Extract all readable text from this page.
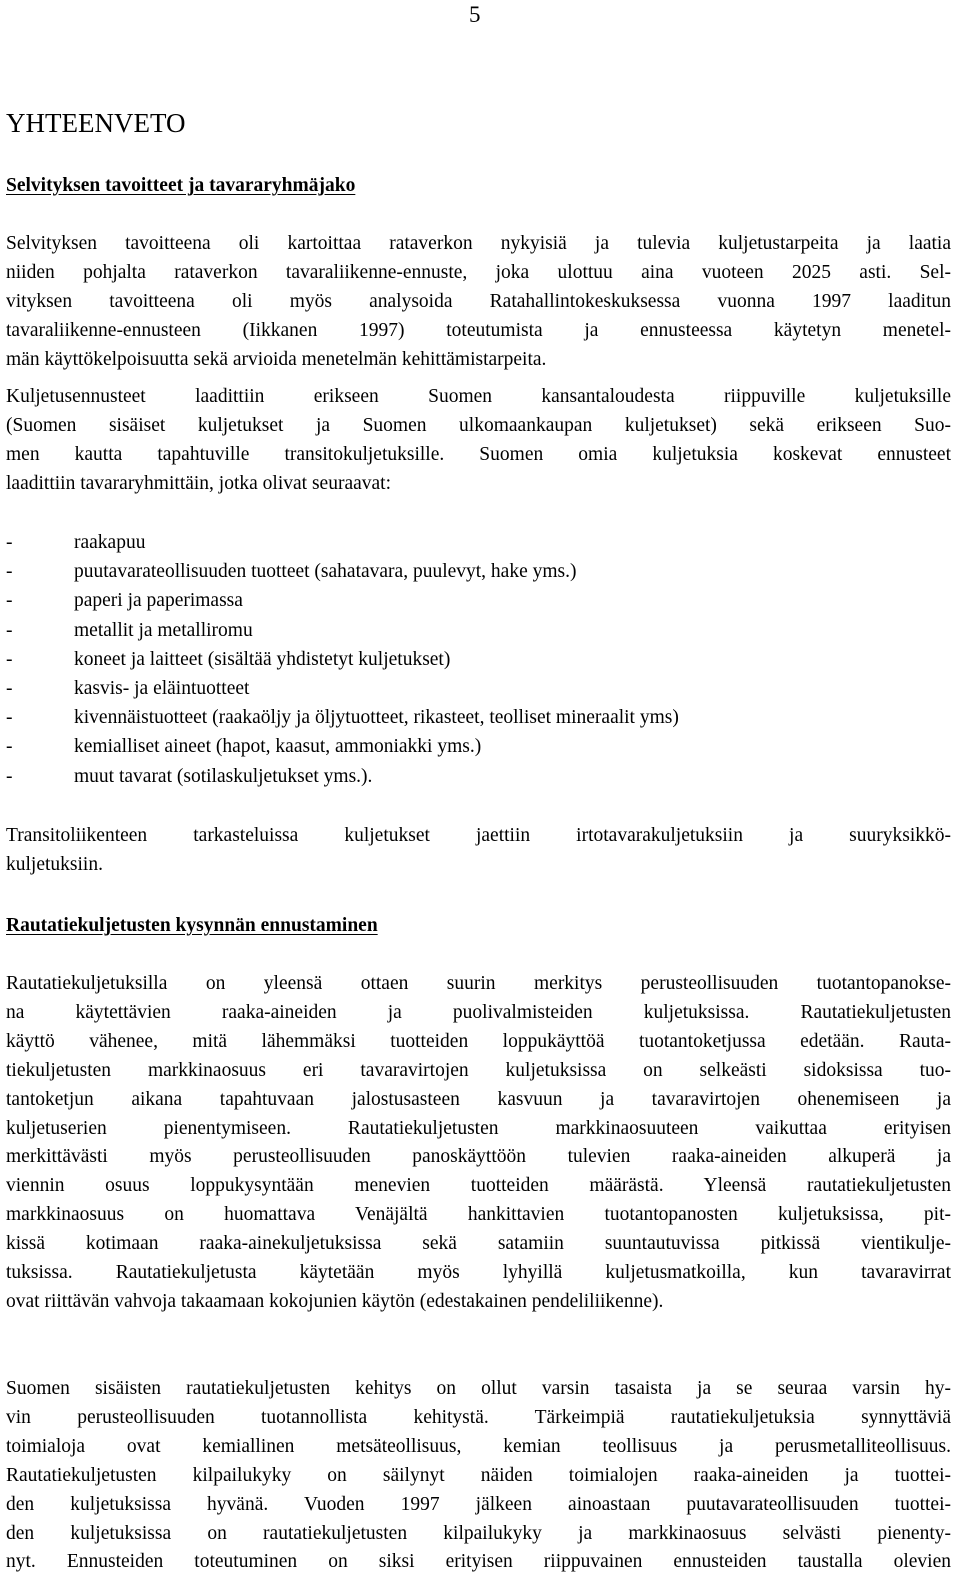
5
YHTEENVETO
Selvityksen tavoitteet ja tavararyhmäjako

Selvityksen tavoitteena oli kartoittaa rataverkon nykyisiä ja tulevia kuljetustarpeita ja laatia
niiden pohjalta rataverkon tavaraliikenne-ennuste, joka ulottuu aina vuoteen 2025 asti. Sel-
vityksen tavoitteena oli myös analysoida Ratahallintokeskuksessa vuonna 1997 laaditun
tavaraliikenne-ennusteen (Iikkanen 1997) toteutumista ja ennusteessa käytetyn menetel-
män käyttökelpoisuutta sekä arvioida menetelmän kehittämistarpeita.

Kuljetusennusteet laadittiin erikseen Suomen kansantaloudesta riippuville kuljetuksille
(Suomen sisäiset kuljetukset ja Suomen ulkomaankaupan kuljetukset) sekä erikseen Suo-
men kautta tapahtuville transitokuljetuksille. Suomen omia kuljetuksia koskevat ennusteet
laadittiin tavararyhmittäin, jotka olivat seuraavat:

-	raakapuu
-	puutavarateollisuuden tuotteet (sahatavara, puulevyt, hake yms.)
-	paperi ja paperimassa
-	metallit ja metalliromu
-	koneet ja laitteet (sisältää yhdistetyt kuljetukset)
-	kasvis- ja eläintuotteet
-	kivennäistuotteet (raakaöljy ja öljytuotteet, rikasteet, teolliset mineraalit yms)
-	kemialliset aineet (hapot, kaasut, ammoniakki yms.)
-	muut tavarat (sotilaskuljetukset yms.).

Transitoliikenteen tarkasteluissa kuljetukset jaettiin irtotavarakuljetuksiin ja suuryksikkö-
kuljetuksiin.

Rautatiekuljetusten kysynnän ennustaminen

Rautatiekuljetuksilla on yleensä ottaen suurin merkitys perusteollisuuden tuotantopanokse-
na käytettävien raaka-aineiden ja puolivalmisteiden kuljetuksissa. Rautatiekuljetusten
käyttö vähenee, mitä lähemmäksi tuotteiden loppukäyttöä tuotantoketjussa edetään. Rauta-
tiekuljetusten markkinaosuus eri tavaravirtojen kuljetuksissa on selkeästi sidoksissa tuo-
tantoketjun aikana tapahtuvaan jalostusasteen kasvuun ja tavaravirtojen ohenemiseen ja
kuljetuserien pienentymiseen. Rautatiekuljetusten markkinaosuuteen vaikuttaa erityisen
merkittävästi myös perusteollisuuden panoskäyttöön tulevien raaka-aineiden alkuperä ja
viennin osuus loppukysyntään menevien tuotteiden määrästä. Yleensä rautatiekuljetusten
markkinaosuus on huomattava Venäjältä hankittavien tuotantopanosten kuljetuksissa, pit-
kissä kotimaan raaka-ainekuljetuksissa sekä satamiin suuntautuvissa pitkissä vientikulje-
tuksissa. Rautatiekuljetusta käytetään myös lyhyillä kuljetusmatkoilla, kun tavaravirrat
ovat riittävän vahvoja takaamaan kokojunien käytön (edestakainen pendeliliikenne).

Suomen sisäisten rautatiekuljetusten kehitys on ollut varsin tasaista ja se seuraa varsin hy-
vin perusteollisuuden tuotannollista kehitystä. Tärkeimpiä rautatiekuljetuksia synnyttäviä
toimialoja ovat kemiallinen metsäteollisuus, kemian teollisuus ja perusmetalliteollisuus.
Rautatiekuljetusten kilpailukyky on säilynyt näiden toimialojen raaka-aineiden ja tuottei-
den kuljetuksissa hyvänä. Vuoden 1997 jälkeen ainoastaan puutavarateollisuuden tuottei-
den kuljetuksissa on rautatiekuljetusten kilpailukyky ja markkinaosuus selvästi pienenty-
nyt. Ennusteiden toteutuminen on siksi erityisen riippuvainen ennusteiden taustalla olevien
